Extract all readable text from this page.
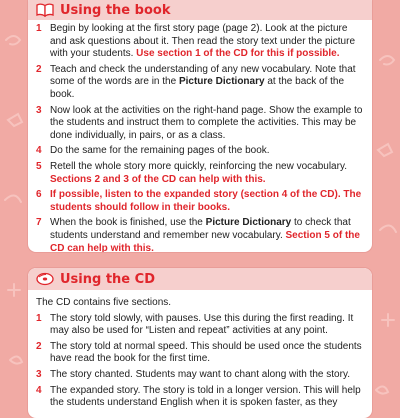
Using the book
1 Begin by looking at the first story page (page 2). Look at the picture and ask questions about it. Then read the story text under the picture with your students. Use section 1 of the CD for this if possible.
2 Teach and check the understanding of any new vocabulary. Note that some of the words are in the Picture Dictionary at the back of the book.
3 Now look at the activities on the right-hand page. Show the example to the students and instruct them to complete the activities. This may be done individually, in pairs, or as a class.
4 Do the same for the remaining pages of the book.
5 Retell the whole story more quickly, reinforcing the new vocabulary. Sections 2 and 3 of the CD can help with this.
6 If possible, listen to the expanded story (section 4 of the CD). The students should follow in their books.
7 When the book is finished, use the Picture Dictionary to check that students understand and remember new vocabulary. Section 5 of the CD can help with this.
Using the CD
The CD contains five sections.
1 The story told slowly, with pauses. Use this during the first reading. It may also be used for “Listen and repeat” activities at any point.
2 The story told at normal speed. This should be used once the students have read the book for the first time.
3 The story chanted. Students may want to chant along with the story.
4 The expanded story. The story is told in a longer version. This will help the students understand English when it is spoken faster, as they
